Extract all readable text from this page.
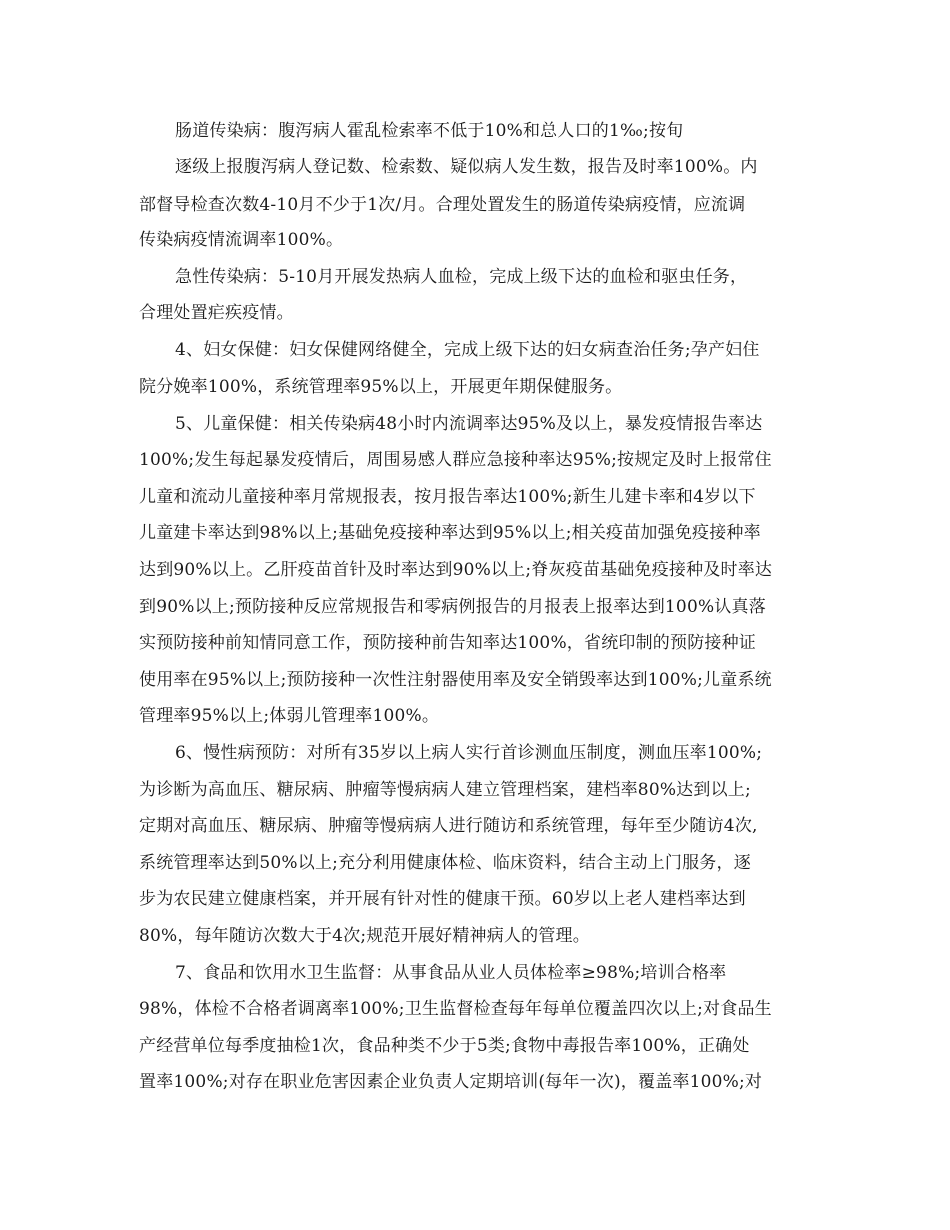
肠道传染病：腹泻病人霍乱检索率不低于10%和总人口的1‰;按旬
逐级上报腹泻病人登记数、检索数、疑似病人发生数，报告及时率100%。内
部督导检查次数4-10月不少于1次/月。合理处置发生的肠道传染病疫情，应流调
传染病疫情流调率100%。
急性传染病：5-10月开展发热病人血检，完成上级下达的血检和驱虫任务，
合理处置疟疾疫情。
4、妇女保健：妇女保健网络健全，完成上级下达的妇女病查治任务;孕产妇住
院分娩率100%，系统管理率95%以上，开展更年期保健服务。
5、儿童保健：相关传染病48小时内流调率达95%及以上，暴发疫情报告率达
100%;发生每起暴发疫情后，周围易感人群应急接种率达95%;按规定及时上报常住
儿童和流动儿童接种率月常规报表，按月报告率达100%;新生儿建卡率和4岁以下
儿童建卡率达到98%以上;基础免疫接种率达到95%以上;相关疫苗加强免疫接种率
达到90%以上。乙肝疫苗首针及时率达到90%以上;脊灰疫苗基础免疫接种及时率达
到90%以上;预防接种反应常规报告和零病例报告的月报表上报率达到100%认真落
实预防接种前知情同意工作，预防接种前告知率达100%，省统印制的预防接种证
使用率在95%以上;预防接种一次性注射器使用率及安全销毁率达到100%;儿童系统
管理率95%以上;体弱儿管理率100%。
6、慢性病预防：对所有35岁以上病人实行首诊测血压制度，测血压率100%;
为诊断为高血压、糖尿病、肿瘤等慢病病人建立管理档案，建档率80%达到以上;
定期对高血压、糖尿病、肿瘤等慢病病人进行随访和系统管理，每年至少随访4次,
系统管理率达到50%以上;充分利用健康体检、临床资料，结合主动上门服务，逐
步为农民建立健康档案，并开展有针对性的健康干预。60岁以上老人建档率达到
80%，每年随访次数大于4次;规范开展好精神病人的管理。
7、食品和饮用水卫生监督：从事食品从业人员体检率≥98%;培训合格率
98%，体检不合格者调离率100%;卫生监督检查每年每单位覆盖四次以上;对食品生
产经营单位每季度抽检1次，食品种类不少于5类;食物中毒报告率100%，正确处
置率100%;对存在职业危害因素企业负责人定期培训(每年一次)，覆盖率100%;对
